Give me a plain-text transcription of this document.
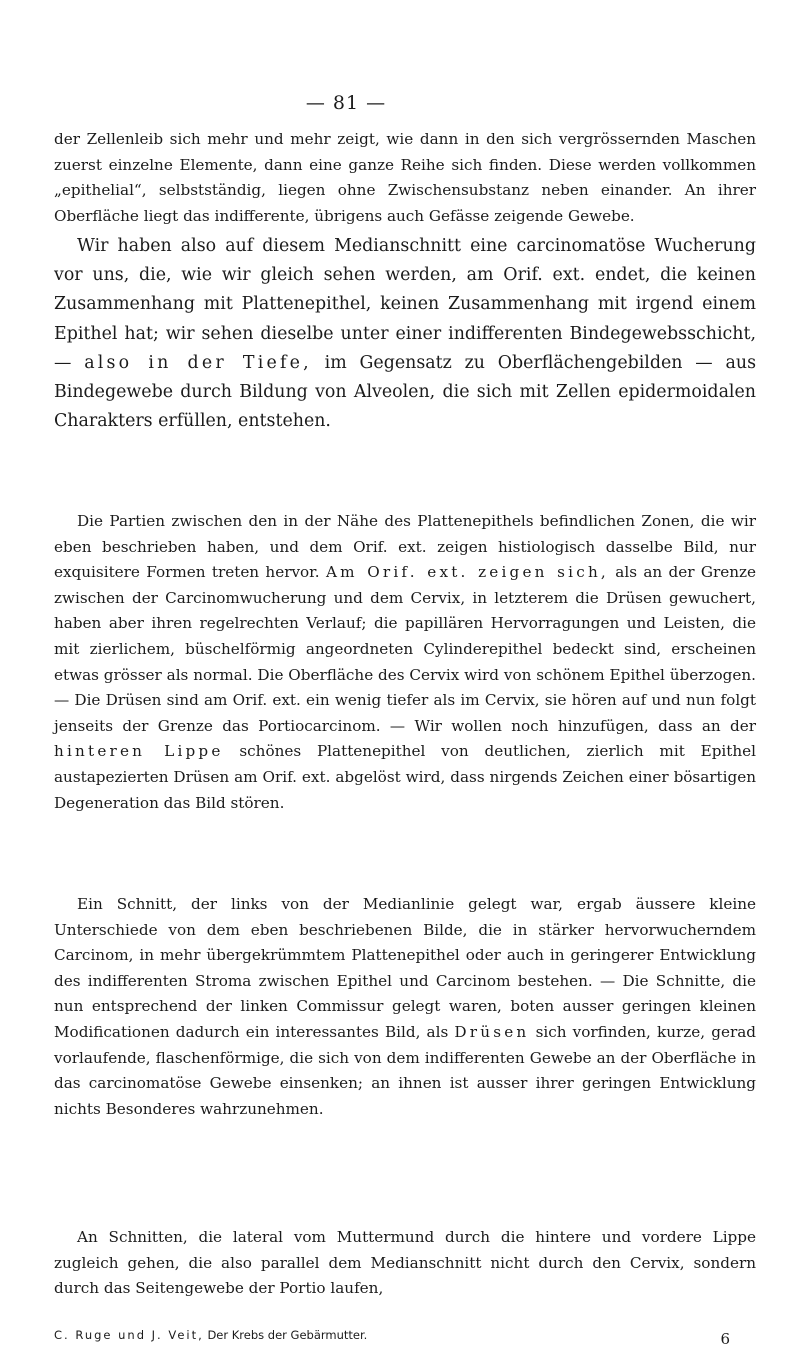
— 81 —

der Zellenleib sich mehr und mehr zeigt, wie dann in den sich vergrössernden Maschen zuerst einzelne Elemente, dann eine ganze Reihe sich finden. Diese werden vollkommen „epithelial“, selbstständig, liegen ohne Zwischensubstanz neben einander. An ihrer Oberfläche liegt das indifferente, übrigens auch Gefässe zeigende Gewebe.

Wir haben also auf diesem Medianschnitt eine carcinomatöse Wucherung vor uns, die, wie wir gleich sehen werden, am Orif. ext. endet, die keinen Zusammenhang mit Plattenepithel, keinen Zusammenhang mit irgend einem Epithel hat; wir sehen dieselbe unter einer indifferenten Bindegewebsschicht, — also in der Tiefe, im Gegensatz zu Oberflächengebilden — aus Bindegewebe durch Bildung von Alveolen, die sich mit Zellen epidermoidalen Charakters erfüllen, entstehen.

Die Partien zwischen den in der Nähe des Plattenepithels befindlichen Zonen, die wir eben beschrieben haben, und dem Orif. ext. zeigen histiologisch dasselbe Bild, nur exquisitere Formen treten hervor. Am Orif. ext. zeigen sich, als an der Grenze zwischen der Carcinomwucherung und dem Cervix, in letzterem die Drüsen gewuchert, haben aber ihren regelrechten Verlauf; die papillären Hervorragungen und Leisten, die mit zierlichem, büschelförmig angeordneten Cylinderepithel bedeckt sind, erscheinen etwas grösser als normal. Die Oberfläche des Cervix wird von schönem Epithel überzogen. — Die Drüsen sind am Orif. ext. ein wenig tiefer als im Cervix, sie hören auf und nun folgt jenseits der Grenze das Portiocarcinom. — Wir wollen noch hinzufügen, dass an der hinteren Lippe schönes Plattenepithel von deutlichen, zierlich mit Epithel austapezierten Drüsen am Orif. ext. abgelöst wird, dass nirgends Zeichen einer bösartigen Degeneration das Bild stören.

Ein Schnitt, der links von der Medianlinie gelegt war, ergab äussere kleine Unterschiede von dem eben beschriebenen Bilde, die in stärker hervorwucherndem Carcinom, in mehr übergekrümmtem Plattenepithel oder auch in geringerer Entwicklung des indifferenten Stroma zwischen Epithel und Carcinom bestehen. — Die Schnitte, die nun entsprechend der linken Commissur gelegt waren, boten ausser geringen kleinen Modificationen dadurch ein interessantes Bild, als Drüsen sich vorfinden, kurze, gerad vorlaufende, flaschenförmige, die sich von dem indifferenten Gewebe an der Oberfläche in das carcinomatöse Gewebe einsenken; an ihnen ist ausser ihrer geringen Entwicklung nichts Besonderes wahrzunehmen.

An Schnitten, die lateral vom Muttermund durch die hintere und vordere Lippe zugleich gehen, die also parallel dem Medianschnitt nicht durch den Cervix, sondern durch das Seitengewebe der Portio laufen,

C. Ruge und J. Veit, Der Krebs der Gebärmutter.	6
